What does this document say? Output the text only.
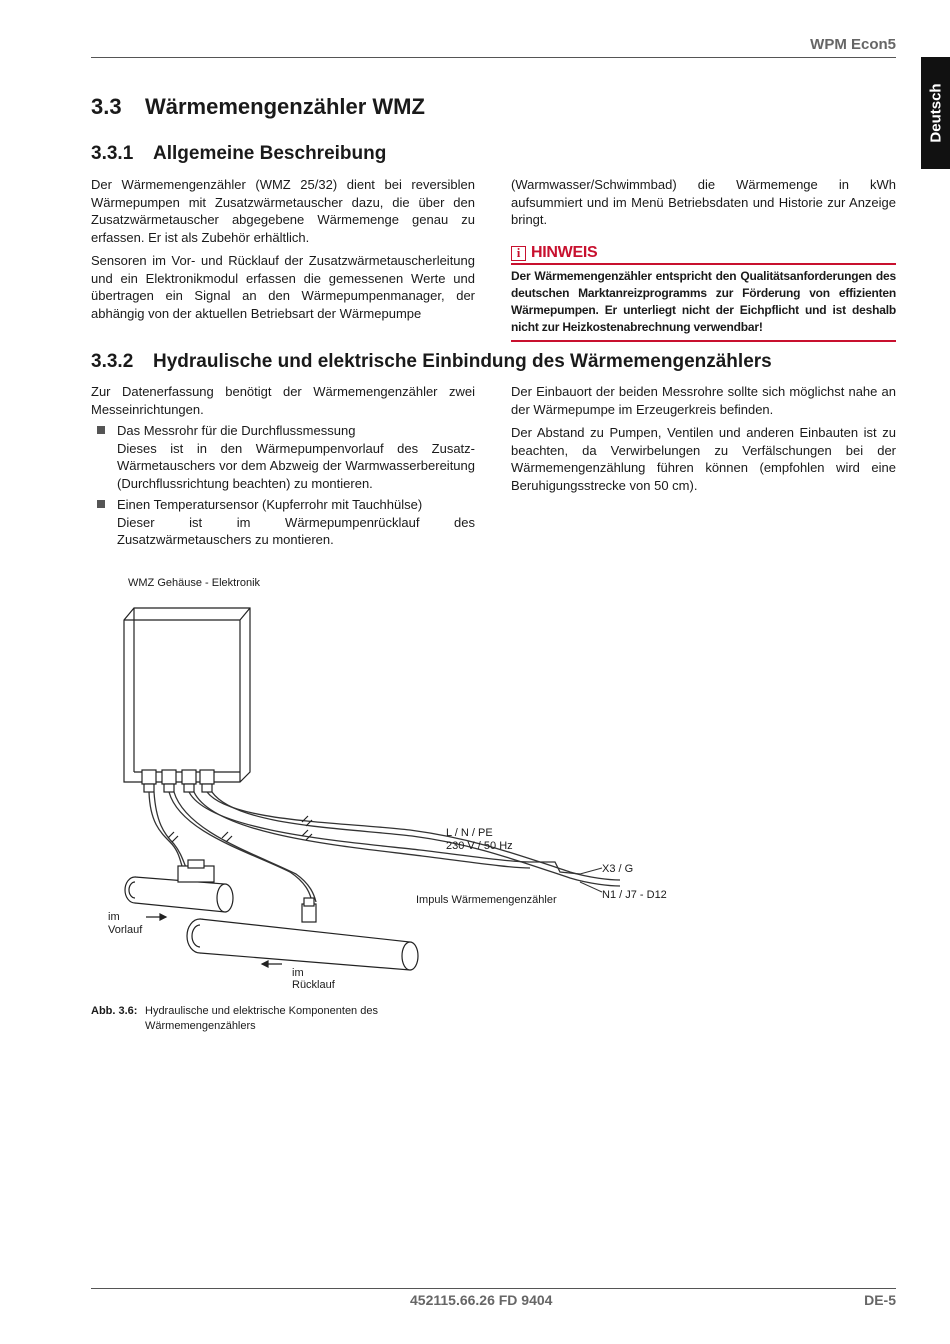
WPM Econ5
Deutsch
3.3 Wärmemengenzähler WMZ
3.3.1 Allgemeine Beschreibung

Der Wärmemengenzähler (WMZ 25/32) dient bei reversiblen Wärmepumpen mit Zusatzwärmetauscher dazu, die über den Zusatzwärmetauscher abgegebene Wärmemenge genau zu erfassen. Er ist als Zubehör erhältlich.

Sensoren im Vor- und Rücklauf der Zusatzwärmetauscherleitung und ein Elektronikmodul erfassen die gemessenen Werte und übertragen ein Signal an den Wärmepumpenmanager, der abhängig von der aktuellen Betriebsart der Wärmepumpe

(Warmwasser/Schwimmbad) die Wärmemenge in kWh aufsummiert und im Menü Betriebsdaten und Historie zur Anzeige bringt.

i HINWEIS
Der Wärmemengenzähler entspricht den Qualitätsanforderungen des deutschen Marktanreizprogramms zur Förderung von effizienten Wärmepumpen. Er unterliegt nicht der Eichpflicht und ist deshalb nicht zur Heizkostenabrechnung verwendbar!
3.3.2 Hydraulische und elektrische Einbindung des Wärmemengenzählers

Zur Datenerfassung benötigt der Wärmemengenzähler zwei Messeinrichtungen.

Das Messrohr für die Durchflussmessung
Dieses ist in den Wärmepumpenvorlauf des Zusatz-Wärmetauschers vor dem Abzweig der Warmwasserbereitung (Durchflussrichtung beachten) zu montieren.
Einen Temperatursensor (Kupferrohr mit Tauchhülse)
Dieser ist im Wärmepumpenrücklauf des Zusatzwärmetauschers zu montieren.

Der Einbauort der beiden Messrohre sollte sich möglichst nahe an der Wärmepumpe im Erzeugerkreis befinden.

Der Abstand zu Pumpen, Ventilen und anderen Einbauten ist zu beachten, da Verwirbelungen zu Verfälschungen bei der Wärmemengenzählung führen können (empfohlen wird eine Beruhigungsstrecke von 50 cm).

WMZ Gehäuse - Elektronik
L / N / PE
230 V / 50 Hz
X3 / G
N1 / J7 - D12
Impuls Wärmemengenzähler
im
Vorlauf
im
Rücklauf
Abb. 3.6: Hydraulische und elektrische Komponenten des
Wärmemengenzählers
452115.66.26 FD 9404	DE-5
